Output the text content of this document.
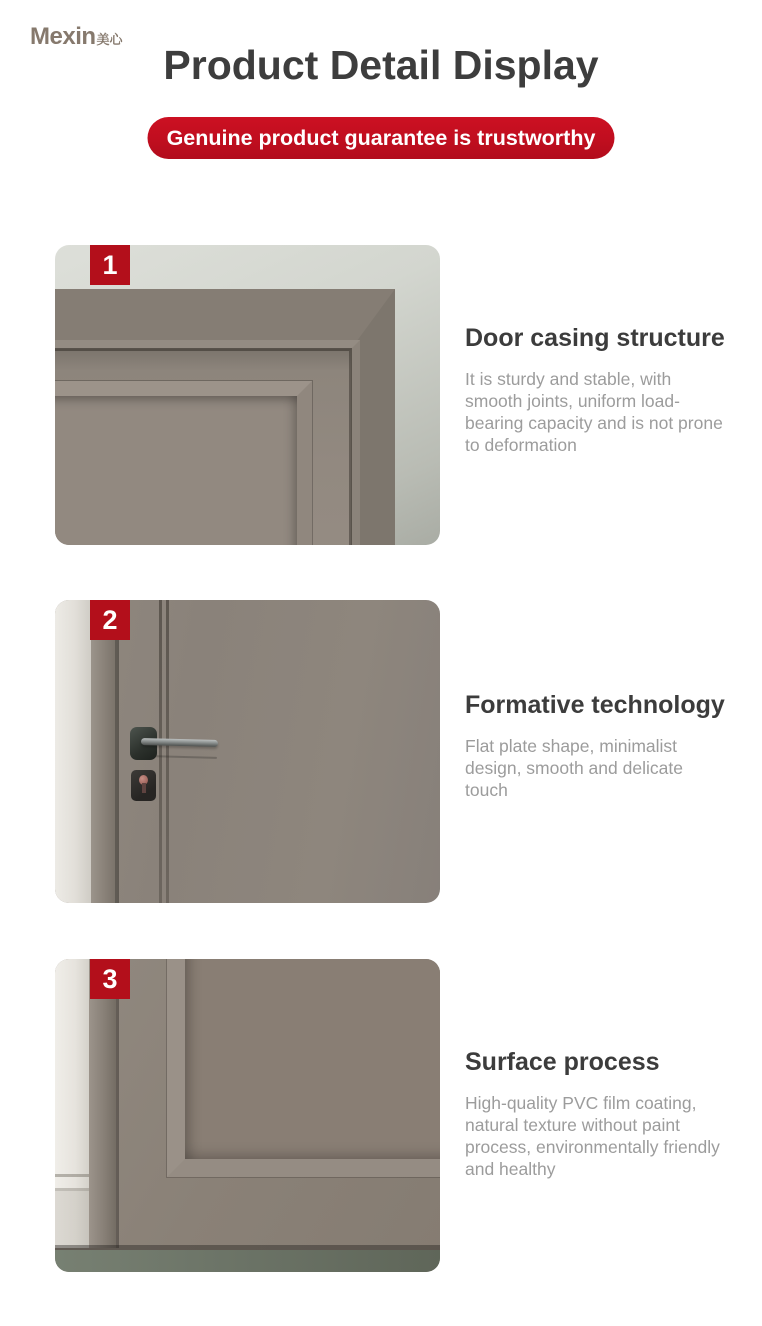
Mexin美心
Product Detail Display
Genuine product guarantee is trustworthy
1
Door casing structure

It is sturdy and stable, with smooth joints, uniform load-bearing capacity and is not prone to deformation

2
Formative technology

Flat plate shape, minimalist design, smooth and delicate touch

3
Surface process

High-quality PVC film coating, natural texture without paint process, environmentally friendly and healthy
